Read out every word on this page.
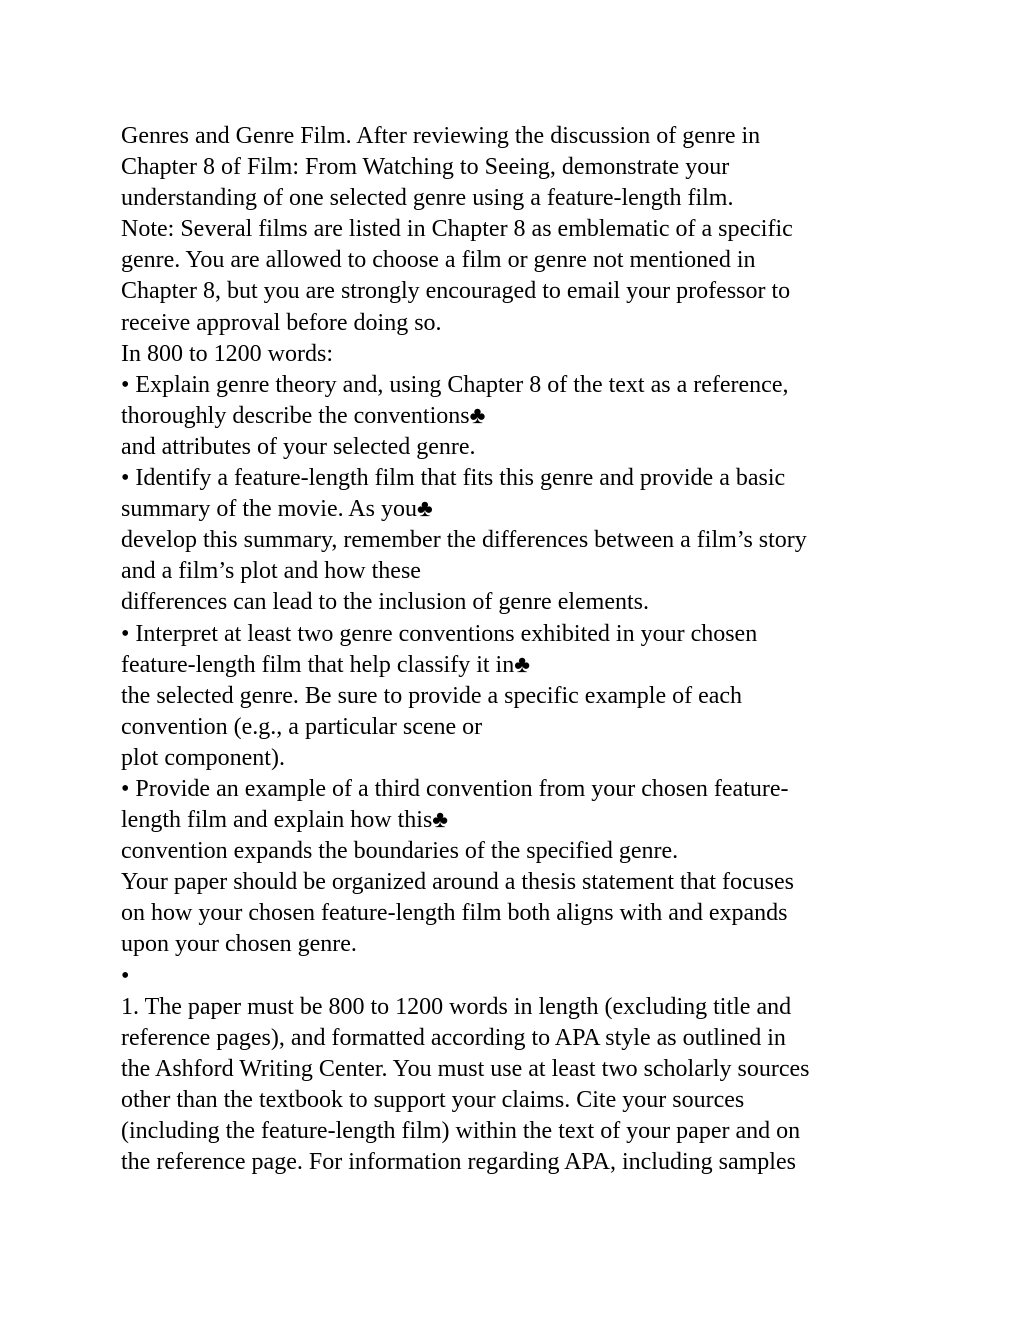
Genres and Genre Film. After reviewing the discussion of genre in
Chapter 8 of Film: From Watching to Seeing, demonstrate your
understanding of one selected genre using a feature-length film.
Note: Several films are listed in Chapter 8 as emblematic of a specific
genre. You are allowed to choose a film or genre not mentioned in
Chapter 8, but you are strongly encouraged to email your professor to
receive approval before doing so.
In 800 to 1200 words:
• Explain genre theory and, using Chapter 8 of the text as a reference,
thoroughly describe the conventions♣
and attributes of your selected genre.
• Identify a feature-length film that fits this genre and provide a basic
summary of the movie. As you♣
develop this summary, remember the differences between a film’s story
and a film’s plot and how these
differences can lead to the inclusion of genre elements.
• Interpret at least two genre conventions exhibited in your chosen
feature-length film that help classify it in♣
the selected genre. Be sure to provide a specific example of each
convention (e.g., a particular scene or
plot component).
• Provide an example of a third convention from your chosen feature-
length film and explain how this♣
convention expands the boundaries of the specified genre.
Your paper should be organized around a thesis statement that focuses
on how your chosen feature-length film both aligns with and expands
upon your chosen genre.
•
1. The paper must be 800 to 1200 words in length (excluding title and
reference pages), and formatted according to APA style as outlined in
the Ashford Writing Center. You must use at least two scholarly sources
other than the textbook to support your claims. Cite your sources
(including the feature-length film) within the text of your paper and on
the reference page. For information regarding APA, including samples
